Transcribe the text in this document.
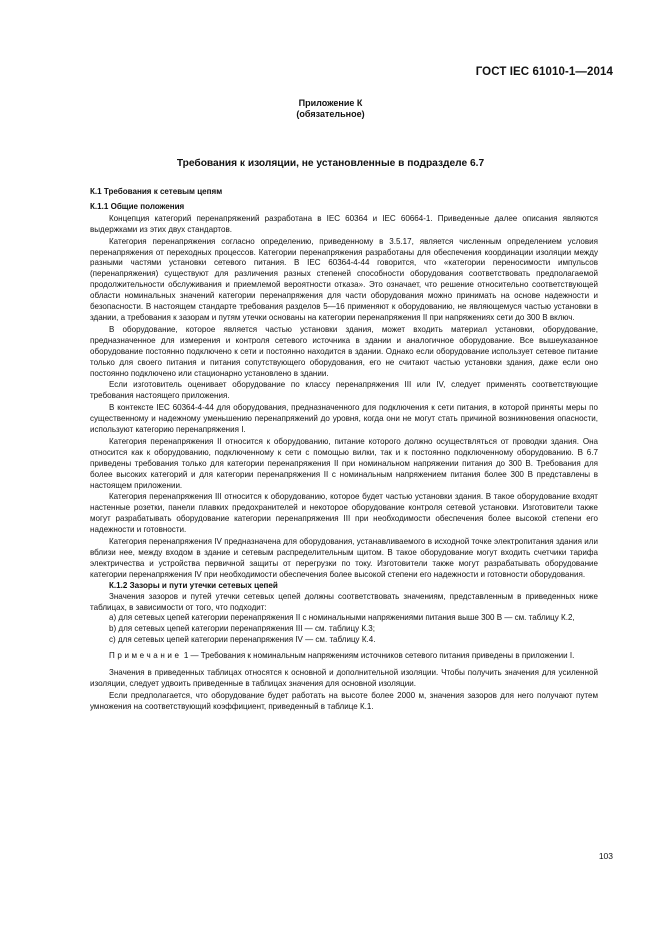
ГОСТ IEC 61010-1—2014
Приложение К
(обязательное)
Требования к изоляции, не установленные в подразделе 6.7
К.1 Требования к сетевым цепям
К.1.1 Общие положения

Концепция категорий перенапряжений разработана в IEC 60364 и IEC 60664-1. Приведенные далее описания являются выдержками из этих двух стандартов.

Категория перенапряжения согласно определению, приведенному в 3.5.17, является численным определением условия перенапряжения от переходных процессов. Категории перенапряжения разработаны для обеспечения координации изоляции между разными частями установки сетевого питания. В IEC 60364-4-44 говорится, что «категории переносимости импульсов (перенапряжения) существуют для различения разных степеней способности оборудования соответствовать предполагаемой продолжительности обслуживания и приемлемой вероятности отказа». Это означает, что решение относительно соответствующей области номинальных значений категории перенапряжения для части оборудования можно принимать на основе надежности и безопасности. В настоящем стандарте требования разделов 5—16 применяют к оборудованию, не являющемуся частью установки в здании, а требования к зазорам и путям утечки основаны на категории перенапряжения II при напряжениях сети до 300 В включ.

В оборудование, которое является частью установки здания, может входить материал установки, оборудование, предназначенное для измерения и контроля сетевого источника в здании и аналогичное оборудование. Все вышеуказанное оборудование постоянно подключено к сети и постоянно находится в здании. Однако если оборудование использует сетевое питание только для своего питания и питания сопутствующего оборудования, его не считают частью установки здания, даже если оно постоянно подключено или стационарно установлено в здании.

Если изготовитель оценивает оборудование по классу перенапряжения III или IV, следует применять соответствующие требования настоящего приложения.

В контексте IEC 60364-4-44 для оборудования, предназначенного для подключения к сети питания, в которой приняты меры по существенному и надежному уменьшению перенапряжений до уровня, когда они не могут стать причиной возникновения опасности, используют категорию перенапряжения I.

Категория перенапряжения II относится к оборудованию, питание которого должно осуществляться от проводки здания. Она относится как к оборудованию, подключенному к сети с помощью вилки, так и к постоянно подключенному оборудованию. В 6.7 приведены требования только для категории перенапряжения II при номинальном напряжении питания до 300 В. Требования для более высоких категорий и для категории перенапряжения II с номинальным напряжением питания более 300 В представлены в настоящем приложении.

Категория перенапряжения III относится к оборудованию, которое будет частью установки здания. В такое оборудование входят настенные розетки, панели плавких предохранителей и некоторое оборудование контроля сетевой установки. Изготовители также могут разрабатывать оборудование категории перенапряжения III при необходимости обеспечения более высокой степени его надежности и готовности.

Категория перенапряжения IV предназначена для оборудования, устанавливаемого в исходной точке электропитания здания или вблизи нее, между входом в здание и сетевым распределительным щитом. В такое оборудование могут входить счетчики тарифа электричества и устройства первичной защиты от перегрузки по току. Изготовители также могут разрабатывать оборудование категории перенапряжения IV при необходимости обеспечения более высокой степени его надежности и готовности оборудования.

К.1.2 Зазоры и пути утечки сетевых цепей

Значения зазоров и путей утечки сетевых цепей должны соответствовать значениям, представленным в приведенных ниже таблицах, в зависимости от того, что подходит:

a) для сетевых цепей категории перенапряжения II с номинальными напряжениями питания выше 300 В — см. таблицу К.2,

b) для сетевых цепей категории перенапряжения III — см. таблицу К.3;

c) для сетевых цепей категории перенапряжения IV — см. таблицу К.4.

Примечание 1 — Требования к номинальным напряжениям источников сетевого питания приведены в приложении I.

Значения в приведенных таблицах относятся к основной и дополнительной изоляции. Чтобы получить значения для усиленной изоляции, следует удвоить приведенные в таблицах значения для основной изоляции.

Если предполагается, что оборудование будет работать на высоте более 2000 м, значения зазоров для него получают путем умножения на соответствующий коэффициент, приведенный в таблице К.1.

103
